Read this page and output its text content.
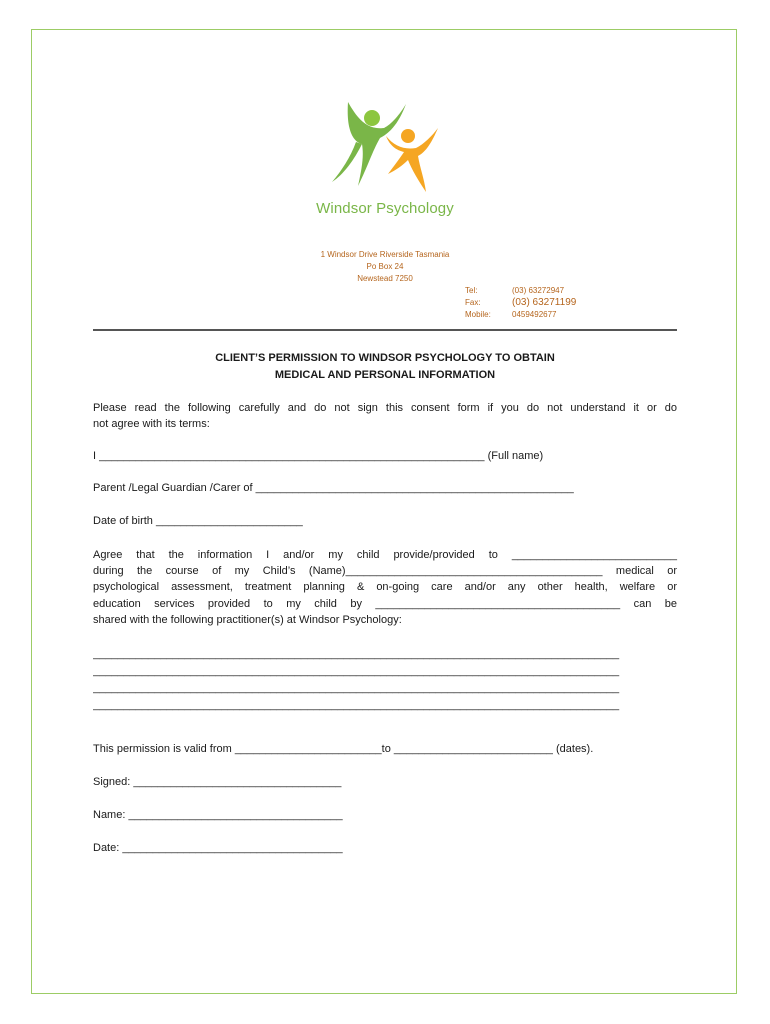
Windsor Psychology
1 Windsor Drive Riverside Tasmania
Po Box 24
Newstead 7250
Tel:	(03) 63272947
Fax:	(03) 63271199
Mobile:	0459492677
CLIENT’S PERMISSION TO WINDSOR PSYCHOLOGY TO OBTAIN
MEDICAL AND PERSONAL INFORMATION
Please read the following carefully and do not sign this consent form if you do not understand it or do
not agree with its terms:
I _______________________________________________________________ (Full name)
Parent /Legal Guardian /Carer of ____________________________________________________
Date of birth ________________________
Agree that the information I and/or my child provide/provided to ___________________________
during the course of my Child’s (Name)__________________________________________ medical or
psychological assessment, treatment planning & on-going care and/or any other health, welfare or
education services provided to my child by ________________________________________ can be
shared with the following practitioner(s) at Windsor Psychology:
______________________________________________________________________________________
______________________________________________________________________________________
______________________________________________________________________________________
______________________________________________________________________________________
This permission is valid from ________________________to __________________________ (dates).
Signed: __________________________________
Name: ___________________________________
Date: ____________________________________
